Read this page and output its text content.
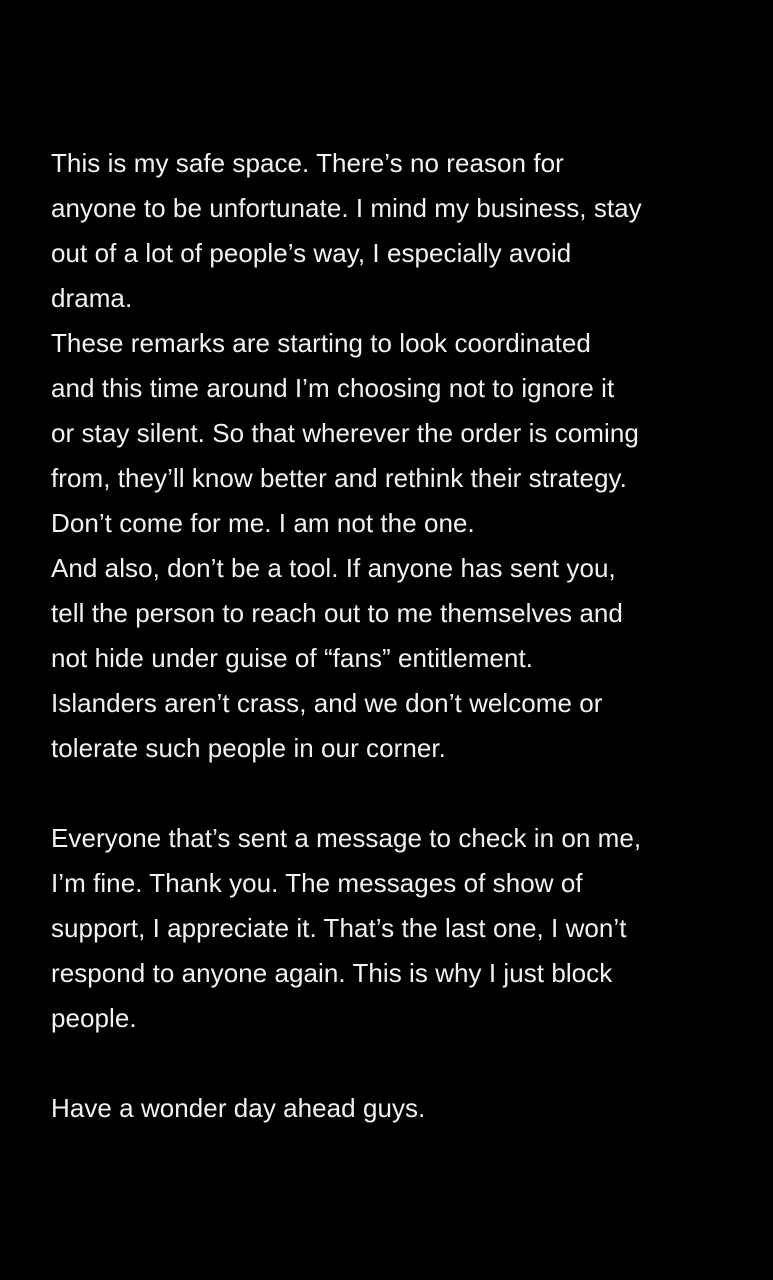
This is my safe space. There’s no reason for
anyone to be unfortunate. I mind my business, stay
out of a lot of people’s way, I especially avoid
drama.
These remarks are starting to look coordinated
and this time around I’m choosing not to ignore it
or stay silent. So that wherever the order is coming
from, they’ll know better and rethink their strategy.
Don’t come for me. I am not the one.
And also, don’t be a tool. If anyone has sent you,
tell the person to reach out to me themselves and
not hide under guise of “fans” entitlement.
Islanders aren’t crass, and we don’t welcome or
tolerate such people in our corner.
Everyone that’s sent a message to check in on me,
I’m fine. Thank you. The messages of show of
support, I appreciate it. That’s the last one, I won’t
respond to anyone again. This is why I just block
people.
Have a wonder day ahead guys.
